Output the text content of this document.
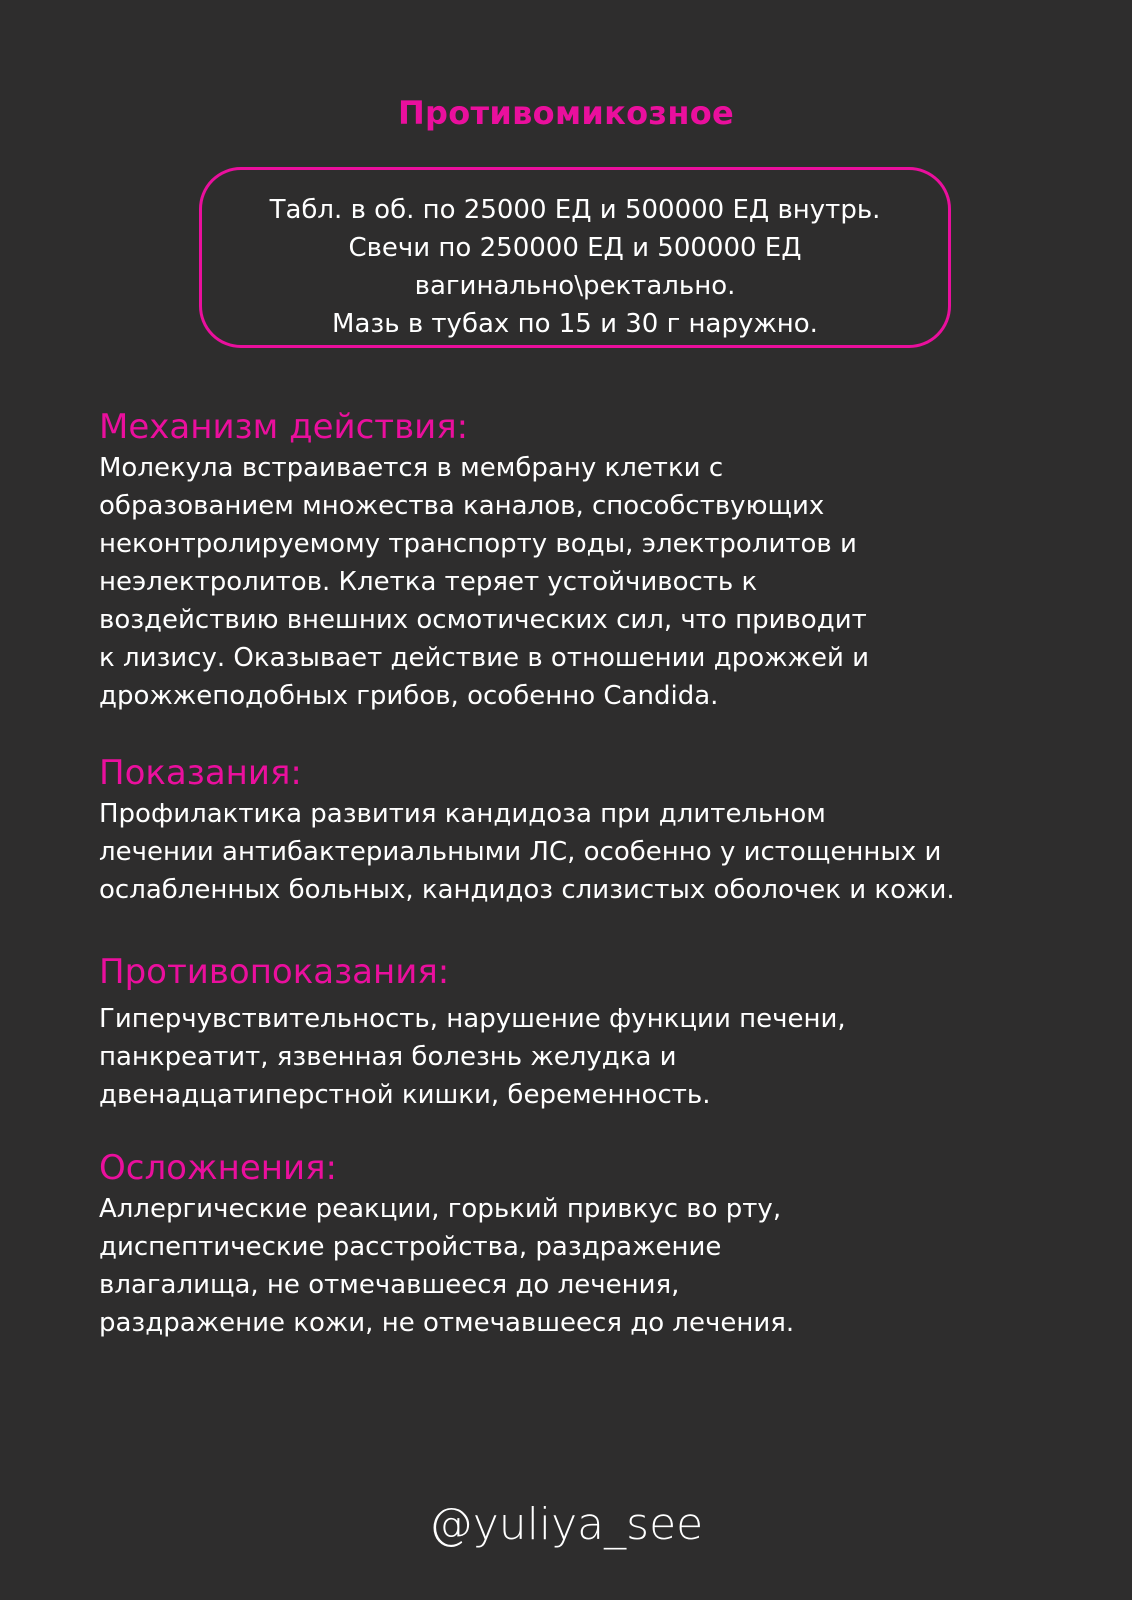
Противомикозное
Табл. в об. по 25000 ЕД и 500000 ЕД внутрь.
Свечи по 250000 ЕД и 500000 ЕД
вагинально\ректально.
Мазь в тубах по 15 и 30 г наружно.
Механизм действия:
Молекула встраивается в мембрану клетки с
образованием множества каналов, способствующих
неконтролируемому транспорту воды, электролитов и
неэлектролитов. Клетка теряет устойчивость к
воздействию внешних осмотических сил, что приводит
к лизису. Оказывает действие в отношении дрожжей и
дрожжеподобных грибов, особенно Candida.
Показания:
Профилактика развития кандидоза при длительном
лечении антибактериальными ЛС, особенно у истощенных и
ослабленных больных, кандидоз слизистых оболочек и кожи.
Противопоказания:
Гиперчувствительность, нарушение функции печени,
панкреатит, язвенная болезнь желудка и
двенадцатиперстной кишки, беременность.
Осложнения:
Аллергические реакции, горький привкус во рту,
диспептические расстройства, раздражение
влагалища, не отмечавшееся до лечения,
раздражение кожи, не отмечавшееся до лечения.
@yuliya_see
